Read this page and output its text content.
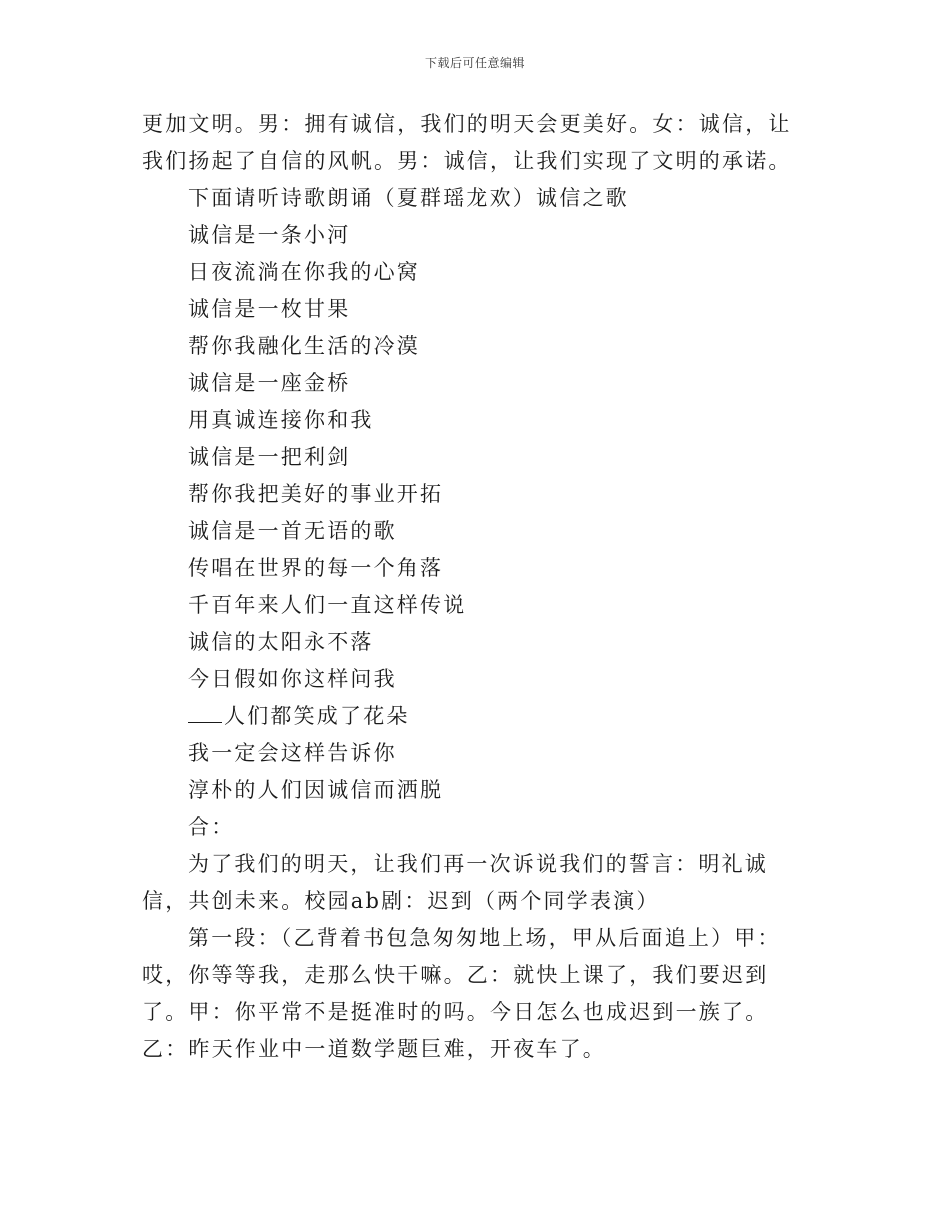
下载后可任意编辑

更加文明。男：拥有诚信，我们的明天会更美好。女：诚信，让我们扬起了自信的风帆。男：诚信，让我们实现了文明的承诺。

下面请听诗歌朗诵（夏群瑶龙欢）诚信之歌

诚信是一条小河

日夜流淌在你我的心窝

诚信是一枚甘果

帮你我融化生活的冷漠

诚信是一座金桥

用真诚连接你和我

诚信是一把利剑

帮你我把美好的事业开拓

诚信是一首无语的歌

传唱在世界的每一个角落

千百年来人们一直这样传说

诚信的太阳永不落

今日假如你这样问我

人们都笑成了花朵

我一定会这样告诉你

淳朴的人们因诚信而洒脱

合：

为了我们的明天，让我们再一次诉说我们的誓言：明礼诚信，共创未来。校园ab剧：迟到（两个同学表演）

第一段：（乙背着书包急匆匆地上场，甲从后面追上）甲：哎，你等等我，走那么快干嘛。乙：就快上课了，我们要迟到了。甲：你平常不是挺准时的吗。今日怎么也成迟到一族了。乙：昨天作业中一道数学题巨难，开夜车了。
